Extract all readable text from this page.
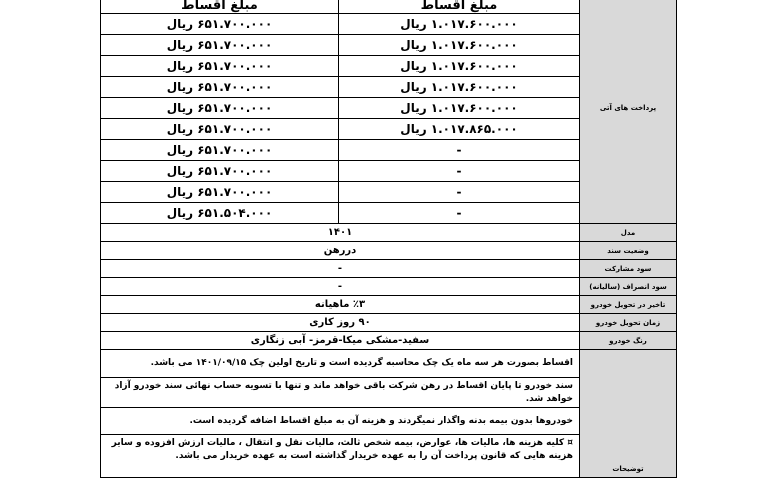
پرداخت های آتی	مبلغ اقساط	مبلغ اقساط
	۱.۰۱۷.۶۰۰.۰۰۰ ریال	۶۵۱.۷۰۰.۰۰۰ ریال
	۱.۰۱۷.۶۰۰.۰۰۰ ریال	۶۵۱.۷۰۰.۰۰۰ ریال
	۱.۰۱۷.۶۰۰.۰۰۰ ریال	۶۵۱.۷۰۰.۰۰۰ ریال
	۱.۰۱۷.۶۰۰.۰۰۰ ریال	۶۵۱.۷۰۰.۰۰۰ ریال
	۱.۰۱۷.۶۰۰.۰۰۰ ریال	۶۵۱.۷۰۰.۰۰۰ ریال
	۱.۰۱۷.۸۶۵.۰۰۰ ریال	۶۵۱.۷۰۰.۰۰۰ ریال
	-	۶۵۱.۷۰۰.۰۰۰ ریال
	-	۶۵۱.۷۰۰.۰۰۰ ریال
	-	۶۵۱.۷۰۰.۰۰۰ ریال
	-	۶۵۱.۵۰۴.۰۰۰ ریال
مدل	۱۴۰۱	
وضعیت سند	دررهن	
سود مشارکت	-	
سود انصراف (سالیانه)	-	
تاخیر در تحویل خودرو	٪۳ ماهیانه	
زمان تحویل خودرو	۹۰ روز کاری	
رنگ خودرو	سفید-مشکی میکا-قرمز- آبی زنگاری	
توضیحات	اقساط بصورت هر سه ماه یک چک محاسبه گردیده است و تاریخ اولین چک ۱۴۰۱/۰۹/۱۵ می باشد.	
	سند خودرو تا پایان اقساط در رهن شرکت باقی خواهد ماند و تنها با تسویه حساب نهائی سند خودرو آزاد خواهد شد.	
	خودروها بدون بیمه بدنه واگذار نمیگردند و هزینه آن به مبلغ اقساط اضافه گردیده است.	
	¤ کلیه هزینه ها، مالیات ها، عوارض، بیمه شخص ثالث، مالیات نقل و انتقال ، مالیات ارزش افزوده و سایر هزینه هایی که قانون پرداخت آن را به عهده خریدار گذاشته است به عهده خریدار می باشد.	
